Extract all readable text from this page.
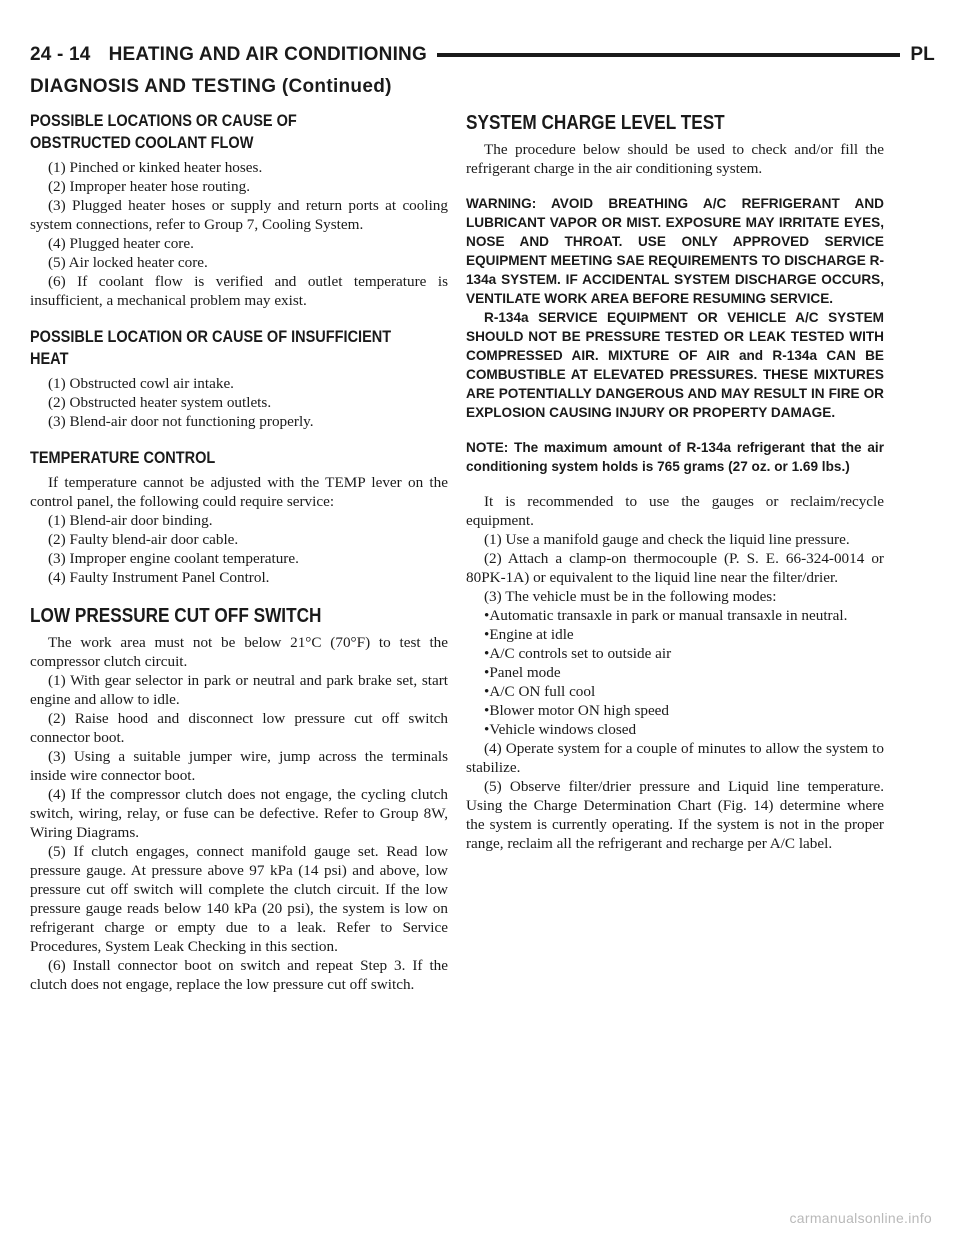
24 - 14 HEATING AND AIR CONDITIONING	PL
DIAGNOSIS AND TESTING (Continued)
POSSIBLE LOCATIONS OR CAUSE OF
OBSTRUCTED COOLANT FLOW

(1) Pinched or kinked heater hoses.

(2) Improper heater hose routing.

(3) Plugged heater hoses or supply and return ports at cooling system connections, refer to Group 7, Cooling System.

(4) Plugged heater core.

(5) Air locked heater core.

(6) If coolant flow is verified and outlet temperature is insufficient, a mechanical problem may exist.

POSSIBLE LOCATION OR CAUSE OF INSUFFICIENT
HEAT

(1) Obstructed cowl air intake.

(2) Obstructed heater system outlets.

(3) Blend-air door not functioning properly.

TEMPERATURE CONTROL

If temperature cannot be adjusted with the TEMP lever on the control panel, the following could require service:

(1) Blend-air door binding.

(2) Faulty blend-air door cable.

(3) Improper engine coolant temperature.

(4) Faulty Instrument Panel Control.

LOW PRESSURE CUT OFF SWITCH

The work area must not be below 21°C (70°F) to test the compressor clutch circuit.

(1) With gear selector in park or neutral and park brake set, start engine and allow to idle.

(2) Raise hood and disconnect low pressure cut off switch connector boot.

(3) Using a suitable jumper wire, jump across the terminals inside wire connector boot.

(4) If the compressor clutch does not engage, the cycling clutch switch, wiring, relay, or fuse can be defective. Refer to Group 8W, Wiring Diagrams.

(5) If clutch engages, connect manifold gauge set. Read low pressure gauge. At pressure above 97 kPa (14 psi) and above, low pressure cut off switch will complete the clutch circuit. If the low pressure gauge reads below 140 kPa (20 psi), the system is low on refrigerant charge or empty due to a leak. Refer to Service Procedures, System Leak Checking in this section.

(6) Install connector boot on switch and repeat Step 3. If the clutch does not engage, replace the low pressure cut off switch.

SYSTEM CHARGE LEVEL TEST

The procedure below should be used to check and/or fill the refrigerant charge in the air conditioning system.

WARNING: AVOID BREATHING A/C REFRIGERANT AND LUBRICANT VAPOR OR MIST. EXPOSURE MAY IRRITATE EYES, NOSE AND THROAT. USE ONLY APPROVED SERVICE EQUIPMENT MEETING SAE REQUIREMENTS TO DISCHARGE R-134a SYSTEM. IF ACCIDENTAL SYSTEM DISCHARGE OCCURS, VENTILATE WORK AREA BEFORE RESUMING SERVICE.

R-134a SERVICE EQUIPMENT OR VEHICLE A/C SYSTEM SHOULD NOT BE PRESSURE TESTED OR LEAK TESTED WITH COMPRESSED AIR. MIXTURE OF AIR and R-134a CAN BE COMBUSTIBLE AT ELEVATED PRESSURES. THESE MIXTURES ARE POTENTIALLY DANGEROUS AND MAY RESULT IN FIRE OR EXPLOSION CAUSING INJURY OR PROPERTY DAMAGE.

NOTE: The maximum amount of R-134a refrigerant that the air conditioning system holds is 765 grams (27 oz. or 1.69 lbs.)

It is recommended to use the gauges or reclaim/recycle equipment.

(1) Use a manifold gauge and check the liquid line pressure.

(2) Attach a clamp-on thermocouple (P. S. E. 66-324-0014 or 80PK-1A) or equivalent to the liquid line near the filter/drier.

(3) The vehicle must be in the following modes:

•Automatic transaxle in park or manual transaxle in neutral.

•Engine at idle

•A/C controls set to outside air

•Panel mode

•A/C ON full cool

•Blower motor ON high speed

•Vehicle windows closed

(4) Operate system for a couple of minutes to allow the system to stabilize.

(5) Observe filter/drier pressure and Liquid line temperature. Using the Charge Determination Chart (Fig. 14) determine where the system is currently operating. If the system is not in the proper range, reclaim all the refrigerant and recharge per A/C label.

carmanualsonline.info
